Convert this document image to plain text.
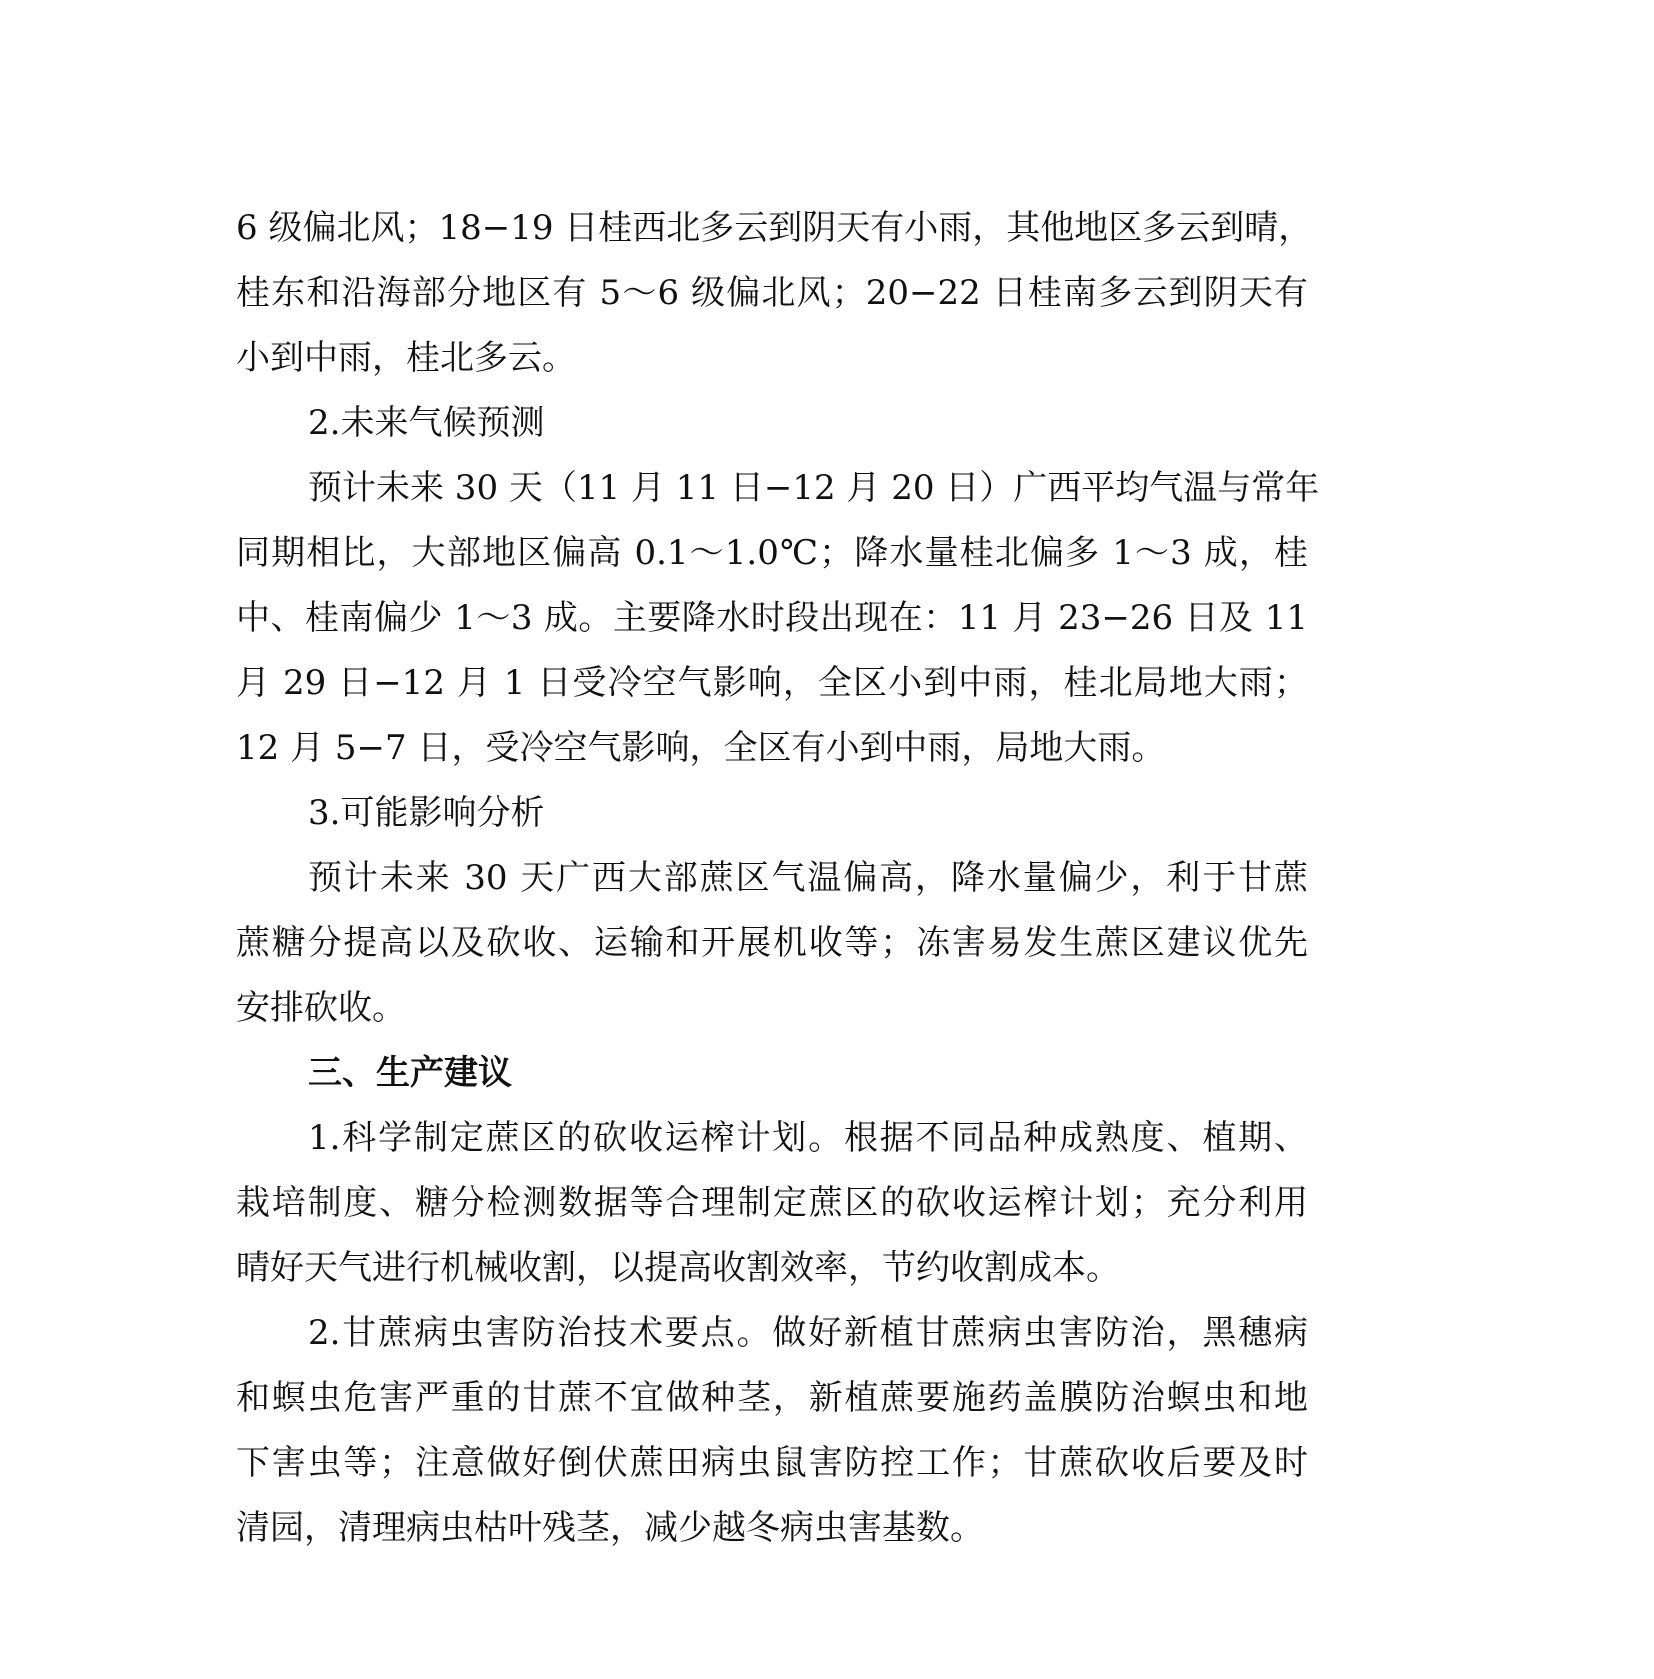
6 级偏北风；18−19 日桂西北多云到阴天有小雨，其他地区多云到晴，
桂东和沿海部分地区有 5～6 级偏北风；20−22 日桂南多云到阴天有
小到中雨，桂北多云。
2.未来气候预测
预计未来 30 天（11 月 11 日−12 月 20 日）广西平均气温与常年
同期相比，大部地区偏高 0.1～1.0℃；降水量桂北偏多 1～3 成，桂
中、桂南偏少 1～3 成。主要降水时段出现在：11 月 23−26 日及 11
月 29 日−12 月 1 日受冷空气影响，全区小到中雨，桂北局地大雨；
12 月 5−7 日，受冷空气影响，全区有小到中雨，局地大雨。
3.可能影响分析
预计未来 30 天广西大部蔗区气温偏高，降水量偏少，利于甘蔗
蔗糖分提高以及砍收、运输和开展机收等；冻害易发生蔗区建议优先
安排砍收。
三、生产建议
1.科学制定蔗区的砍收运榨计划。根据不同品种成熟度、植期、
栽培制度、糖分检测数据等合理制定蔗区的砍收运榨计划；充分利用
晴好天气进行机械收割，以提高收割效率，节约收割成本。
2.甘蔗病虫害防治技术要点。做好新植甘蔗病虫害防治，黑穗病
和螟虫危害严重的甘蔗不宜做种茎，新植蔗要施药盖膜防治螟虫和地
下害虫等；注意做好倒伏蔗田病虫鼠害防控工作；甘蔗砍收后要及时
清园，清理病虫枯叶残茎，减少越冬病虫害基数。
